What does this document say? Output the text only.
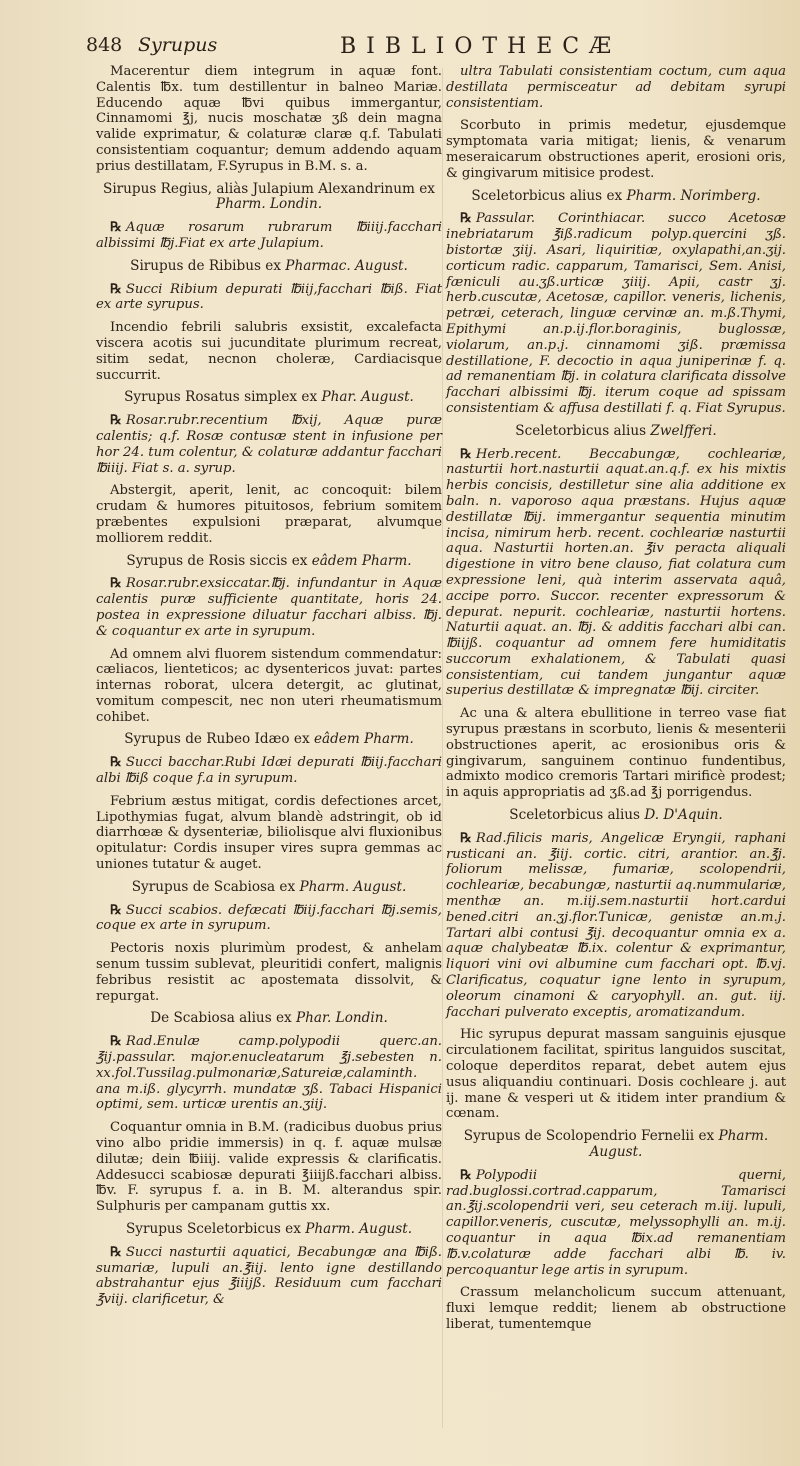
848 Syrupus	BIBLIOTHECÆ
Macerentur diem integrum in aquæ font. Calentis ℔x. tum destillentur in balneo Mariæ. Educendo aquæ ℔vi quibus immergantur, Cinnamomi ℥j, nucis moschatæ ʒß dein magna valide exprimatur, & colaturæ claræ q.f. Tabulati consistentiam coquantur; demum addendo aquam prius destillatam, F.Syrupus in B.M. s. a.
Sirupus Regius, aliàs Julapium Alexandrinum ex Pharm. Londin.
℞ Aquæ rosarum rubrarum ℔iiij.facchari albissimi ℔j.Fiat ex arte Julapium.
Sirupus de Ribibus ex Pharmac. August.
℞ Succi Ribium depurati ℔iij,facchari ℔iß. Fiat ex arte syrupus.
Incendio febrili salubris exsistit, excalefacta viscera acotis sui jucunditate plurimum recreat, sitim sedat, necnon choleræ, Cardiacisque succurrit.
Syrupus Rosatus simplex ex Phar. August.
℞ Rosar.rubr.recentium ℔xij, Aquæ puræ calentis; q.f. Rosæ contusæ stent in infusione per hor 24. tum colentur, & colaturæ addantur facchari ℔iiij. Fiat s. a. syrup.
Abstergit, aperit, lenit, ac concoquit: bilem crudam & humores pituitosos, febrium somitem præbentes expulsioni præparat, alvumque molliorem reddit.
Syrupus de Rosis siccis ex eâdem Pharm.
℞ Rosar.rubr.exsiccatar.℔j. infundantur in Aquæ calentis puræ sufficiente quantitate, horis 24. postea in expressione diluatur facchari albiss. ℔j. & coquantur ex arte in syrupum.
Ad omnem alvi fluorem sistendum commendatur: cæliacos, lienteticos; ac dysentericos juvat: partes internas roborat, ulcera detergit, ac glutinat, vomitum compescit, nec non uteri rheumatismum cohibet.
Syrupus de Rubeo Idæo ex eâdem Pharm.
℞ Succi bacchar.Rubi Idæi depurati ℔iij.facchari albi ℔iß coque f.a in syrupum.
Febrium æstus mitigat, cordis defectiones arcet, Lipothymias fugat, alvum blandè adstringit, ob id diarrhœæ & dysenteriæ, biliolisque alvi fluxionibus opitulatur: Cordis insuper vires supra gemmas ac uniones tutatur & auget.
Syrupus de Scabiosa ex Pharm. August.
℞ Succi scabios. defæcati ℔iij.facchari ℔j.semis, coque ex arte in syrupum.
Pectoris noxis plurimùm prodest, & anhelam senum tussim sublevat, pleuritidi confert, malignis febribus resistit ac apostemata dissolvit, & repurgat.
De Scabiosa alius ex Phar. Londin.
℞ Rad.Enulæ camp.polypodii querc.an. ℥ij.passular. major.enucleatarum ℥j.sebesten n. xx.fol.Tussilag.pulmonariæ,Satureiæ,calaminth. ana m.iß. glycyrrh. mundatæ ʒß. Tabaci Hispanici optimi, sem. urticæ urentis an.ʒiij.
Coquantur omnia in B.M. (radicibus duobus prius vino albo pridie immersis) in q. f. aquæ mulsæ dilutæ; dein ℔iiij. valide expressis & clarificatis. Addesucci scabiosæ depurati ℥iiijß.facchari albiss. ℔v. F. syrupus f. a. in B. M. alterandus spir. Sulphuris per campanam guttis xx.
Syrupus Sceletorbicus ex Pharm. August.
℞ Succi nasturtii aquatici, Becabungæ ana ℔iß. sumariæ, lupuli an.℥iij. lento igne destillando abstrahantur ejus ℥iiijß. Residuum cum facchari ℥viij. clarificetur, &
ultra Tabulati consistentiam coctum, cum aqua destillata permisceatur ad debitam syrupi consistentiam.
Scorbuto in primis medetur, ejusdemque symptomata varia mitigat; lienis, & venarum meseraicarum obstructiones aperit, erosioni oris, & gingivarum mitisice prodest.
Sceletorbicus alius ex Pharm. Norimberg.
℞ Passular. Corinthiacar. succo Acetosæ inebriatarum ℥iß.radicum polyp.quercini ʒß. bistortæ ʒiij. Asari, liquiritiæ, oxylapathi,an.ʒij. corticum radic. capparum, Tamarisci, Sem. Anisi, fæniculi au.ʒß.urticæ ʒiiij. Apii, castr ʒj. herb.cuscutæ, Acetosæ, capillor. veneris, lichenis, petræi, ceterach, linguæ cervinæ an. m.ß.Thymi, Epithymi an.p.ij.flor.boraginis, buglossæ, violarum, an.p.j. cinnamomi ʒiß. præmissa destillatione, F. decoctio in aqua juniperinæ f. q. ad remanentiam ℔j. in colatura clarificata dissolve facchari albissimi ℔j. iterum coque ad spissam consistentiam & affusa destillati f. q. Fiat Syrupus.
Sceletorbicus alius Zwelfferi.
℞ Herb.recent. Beccabungæ, cochleariæ, nasturtii hort.nasturtii aquat.an.q.f. ex his mixtis herbis concisis, destilletur sine alia additione ex baln. n. vaporoso aqua præstans. Hujus aquæ destillatæ ℔ij. immergantur sequentia minutim incisa, nimirum herb. recent. cochleariæ nasturtii aqua. Nasturtii horten.an. ℥iv peracta aliquali digestione in vitro bene clauso, fiat colatura cum expressione leni, quà interim asservata aquâ, accipe porro. Succor. recenter expressorum & depurat. nepurit. cochleariæ, nasturtii hortens. Naturtii aquat. an. ℔j. & additis facchari albi can. ℔iijß. coquantur ad omnem fere humiditatis succorum exhalationem, & Tabulati quasi consistentiam, cui tandem jungantur aquæ superius destillatæ & impregnatæ ℔ij. circiter.
Ac una & altera ebullitione in terreo vase fiat syrupus præstans in scorbuto, lienis & mesenterii obstructiones aperit, ac erosionibus oris & gingivarum, sanguinem continuo fundentibus, admixto modico cremoris Tartari mirificè prodest; in aquis appropriatis ad ʒß.ad ℥j porrigendus.
Sceletorbicus alius D. D'Aquin.
℞ Rad.filicis maris, Angelicæ Eryngii, raphani rusticani an. ℥iij. cortic. citri, arantior. an.℥j. foliorum melissæ, fumariæ, scolopendrii, cochleariæ, becabungæ, nasturtii aq.nummulariæ, menthæ an. m.iij.sem.nasturtii hort.cardui bened.citri an.ʒj.flor.Tunicæ, genistæ an.m.j. Tartari albi contusi ℥ij. decoquantur omnia ex a. aquæ chalybeatæ ℔.ix. colentur & exprimantur, liquori vini ovi albumine cum facchari opt. ℔.vj. Clarificatus, coquatur igne lento in syrupum, oleorum cinamoni & caryophyll. an. gut. iij. facchari pulverato exceptis, aromatizandum.
Hic syrupus depurat massam sanguinis ejusque circulationem facilitat, spiritus languidos suscitat, coloque deperditos reparat, debet autem ejus usus aliquandiu continuari. Dosis cochleare j. aut ij. mane & vesperi ut & itidem inter prandium & cœnam.
Syrupus de Scolopendrio Fernelii ex Pharm. August.
℞ Polypodii querni, rad.buglossi.cortrad.capparum, Tamarisci an.℥ij.scolopendrii veri, seu ceterach m.iij. lupuli, capillor.veneris, cuscutæ, melyssophylli an. m.ij. coquantur in aqua ℔ix.ad remanentiam ℔.v.colaturæ adde facchari albi ℔. iv. percoquantur lege artis in syrupum.
Crassum melancholicum succum attenuant, fluxi lemque reddit; lienem ab obstructione liberat, tumentemque
